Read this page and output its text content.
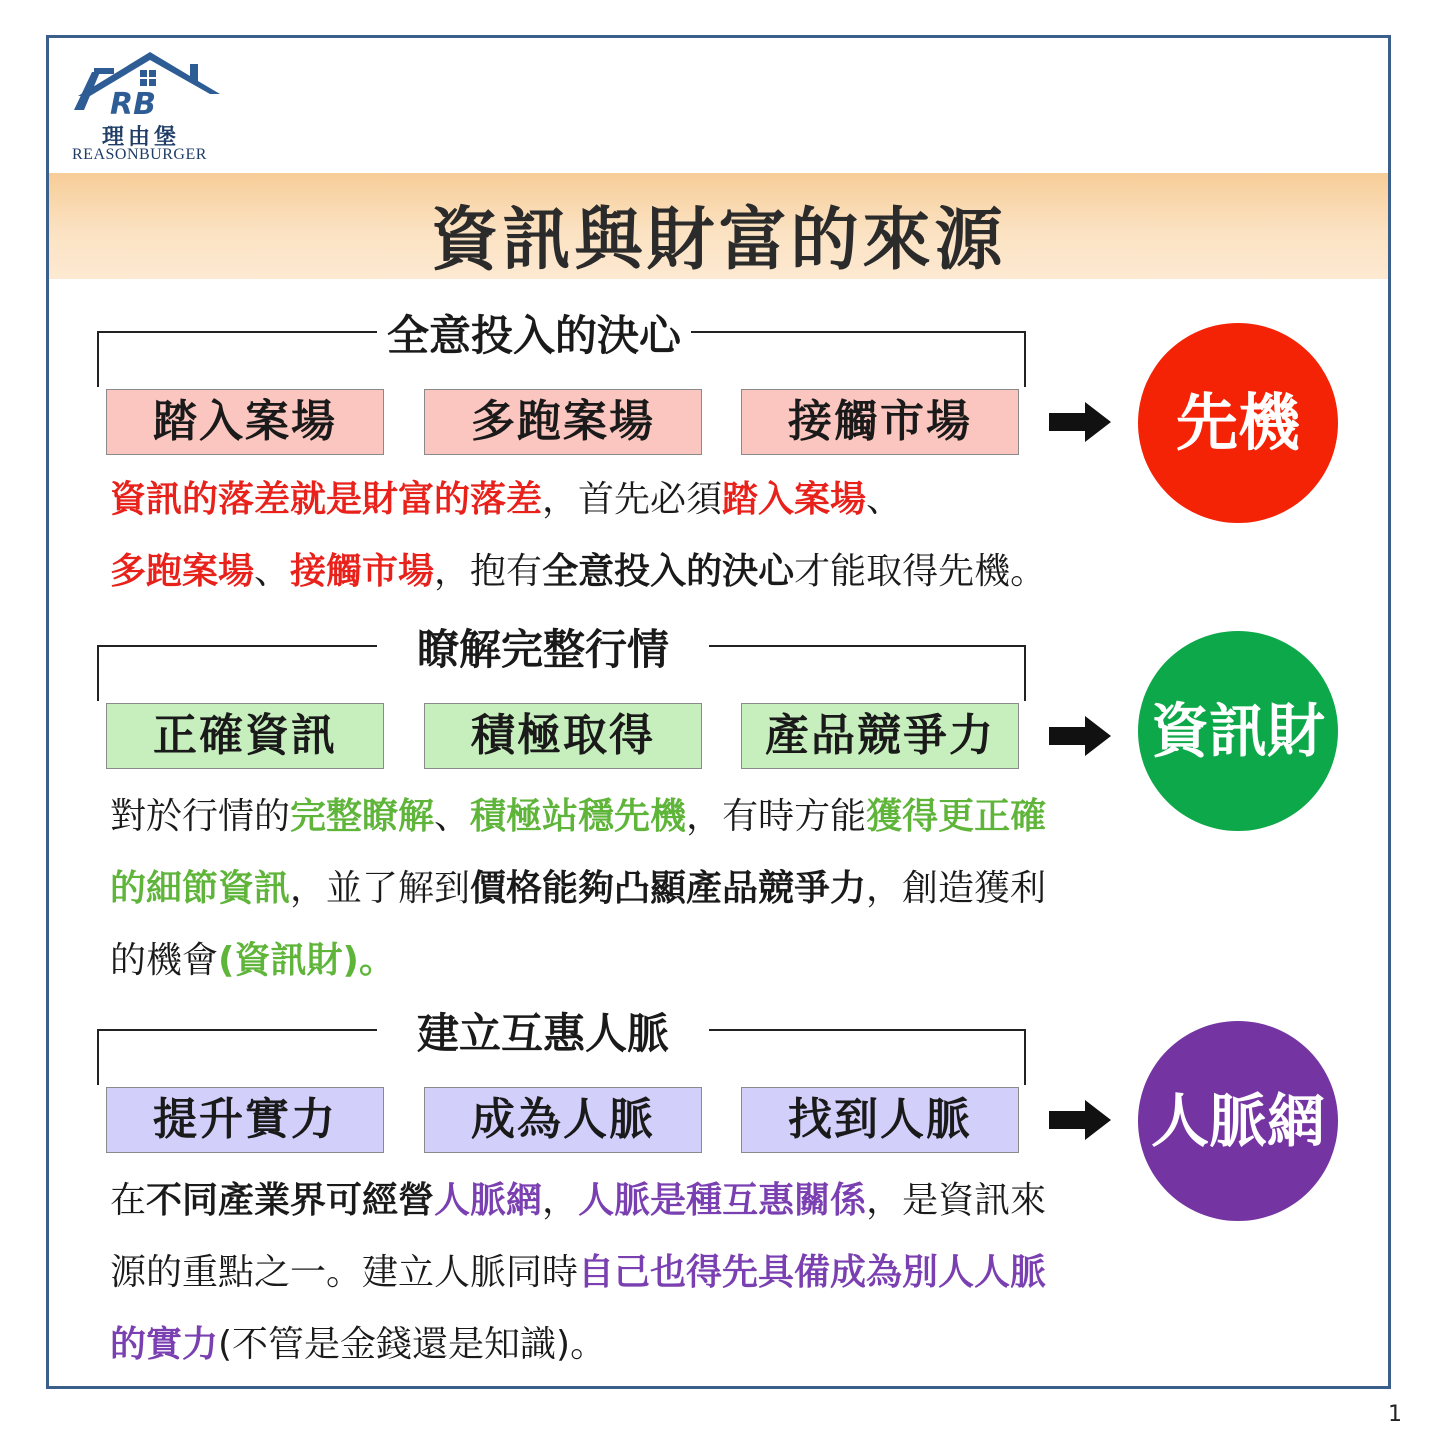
RB
理由堡
REASONBURGER
資訊與財富的來源
全意投入的決心
踏入案場	多跑案場	接觸市場	先機
資訊的落差就是財富的落差，首先必須踏入案場、
多跑案場、接觸市場，抱有全意投入的決心才能取得先機。
瞭解完整行情
正確資訊	積極取得	產品競爭力	資訊財
對於行情的完整瞭解、積極站穩先機，有時方能獲得更正確
的細節資訊，並了解到價格能夠凸顯產品競爭力，創造獲利
的機會(資訊財)。
建立互惠人脈
提升實力	成為人脈	找到人脈	人脈網
在不同產業界可經營人脈網，人脈是種互惠關係，是資訊來
源的重點之一。建立人脈同時自己也得先具備成為別人人脈
的實力(不管是金錢還是知識)。
1
